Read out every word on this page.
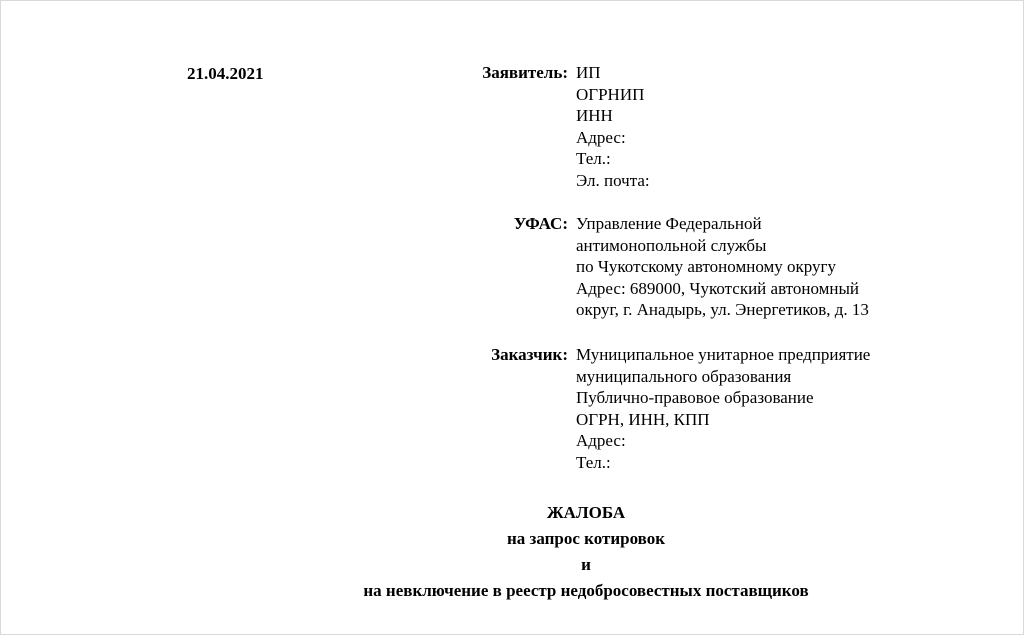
21.04.2021	Заявитель: ИП
ОГРНИП
ИНН
Адрес:
Тел.:
Эл. почта:
УФАС: Управление Федеральной
антимонопольной службы
по Чукотскому автономному округу
Адрес: 689000, Чукотский автономный
округ, г. Анадырь, ул. Энергетиков, д. 13
Заказчик: Муниципальное унитарное предприятие
муниципального образования
Публично-правовое образование
ОГРН, ИНН, КПП
Адрес:
Тел.:
ЖАЛОБА
на запрос котировок
и
на невключение в реестр недобросовестных поставщиков
